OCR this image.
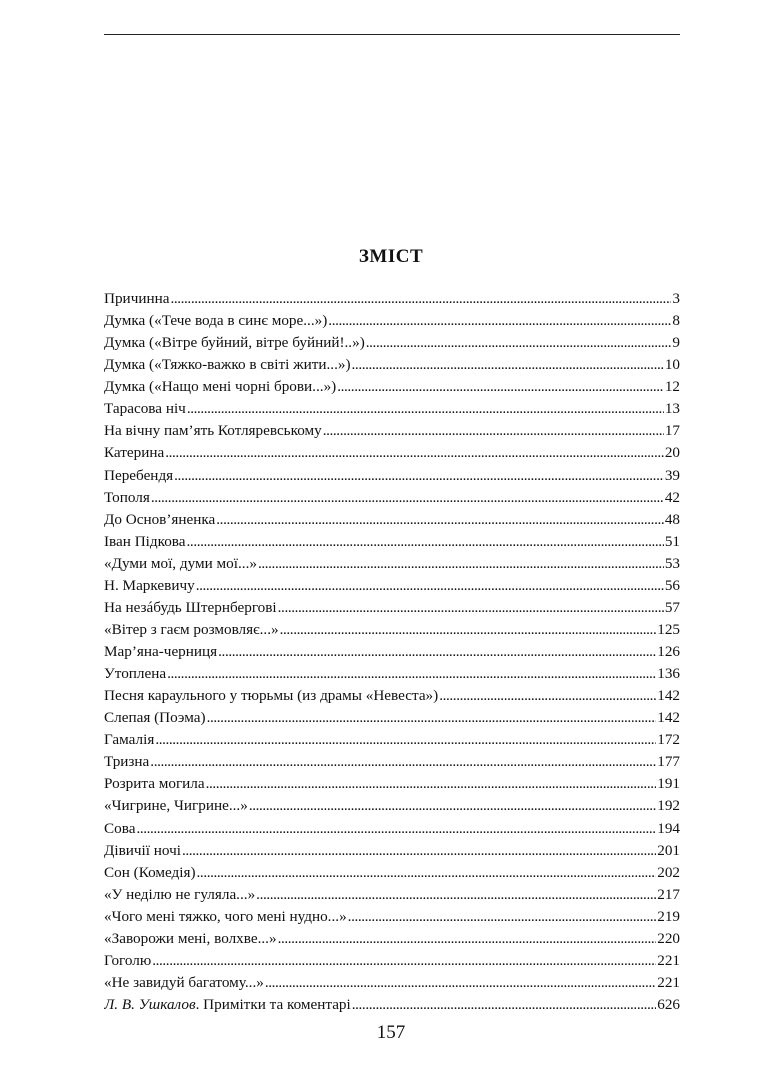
ЗМІСТ
Причинна . . .	3
Думка («Тече вода в синє море...») . . .	8
Думка («Вітре буйний, вітре буйний!..») . . .	9
Думка («Тяжко-важко в світі жити...») . . .	10
Думка («Нащо мені чорні брови...») . . .	12
Тарасова ніч . . .	13
На вічну пам’ять Котляревському . . .	17
Катерина . . .	20
Перебендя . . .	39
Тополя . . .	42
До Основ’яненка . . .	48
Іван Підкова . . .	51
«Думи мої, думи мої...» . . .	53
Н. Маркевичу . . .	56
На незáбудь Штернбергові . . .	57
«Вітер з гаєм розмовляє...» . . .	125
Мар’яна-черниця . . .	126
Утоплена . . .	136
Песня караульного у тюрьмы (из драмы «Невеста») . . .	142
Слепая (Поэма) . . .	142
Гамалія . . .	172
Тризна . . .	177
Розрита могила . . .	191
«Чигрине, Чигрине...» . . .	192
Сова . . .	194
Дівичії ночі . . .	201
Сон (Комедія) . . .	202
«У неділю не гуляла...» . . .	217
«Чого мені тяжко, чого мені нудно...» . . .	219
«Заворожи мені, волхве...» . . .	220
Гоголю . . .	221
«Не завидуй багатому...» . . .	221
Л. В. Ушкалов. Примітки та коментарі . . .	626
157
